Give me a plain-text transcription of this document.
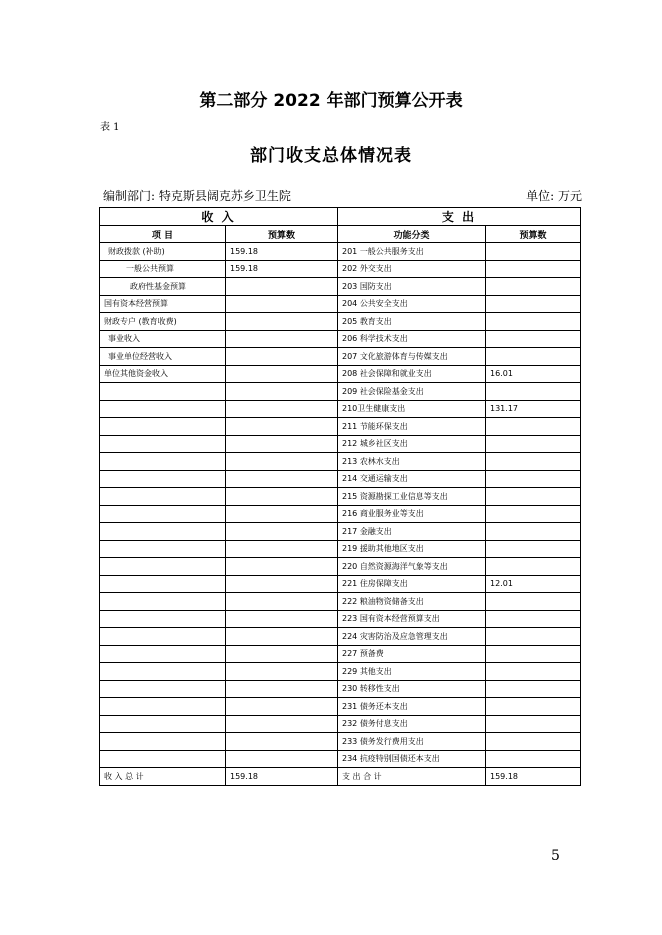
第二部分 2022 年部门预算公开表
表 1
部门收支总体情况表
编制部门: 特克斯县阔克苏乡卫生院	单位: 万元
收 入		支 出	
项 目	预算数	功能分类	预算数
财政拨款 (补助)	159.18	201 一般公共服务支出	
一般公共预算	159.18	202 外交支出	
政府性基金预算		203 国防支出	
国有资本经营预算		204 公共安全支出	
财政专户 (教育收费)		205 教育支出	
事业收入		206 科学技术支出	
事业单位经营收入		207 文化旅游体育与传媒支出	
单位其他资金收入		208 社会保障和就业支出	16.01
		209 社会保险基金支出	
		210卫生健康支出	131.17
		211 节能环保支出	
		212 城乡社区支出	
		213 农林水支出	
		214 交通运输支出	
		215 资源勘探工业信息等支出	
		216 商业服务业等支出	
		217 金融支出	
		219 援助其他地区支出	
		220 自然资源海洋气象等支出	
		221 住房保障支出	12.01
		222 粮油物资储备支出	
		223 国有资本经营预算支出	
		224 灾害防治及应急管理支出	
		227 预备费	
		229 其他支出	
		230 转移性支出	
		231 债务还本支出	
		232 债务付息支出	
		233 债务发行费用支出	
		234 抗疫特别国债还本支出	
收 入 总 计	159.18	支 出 合 计	159.18
5
